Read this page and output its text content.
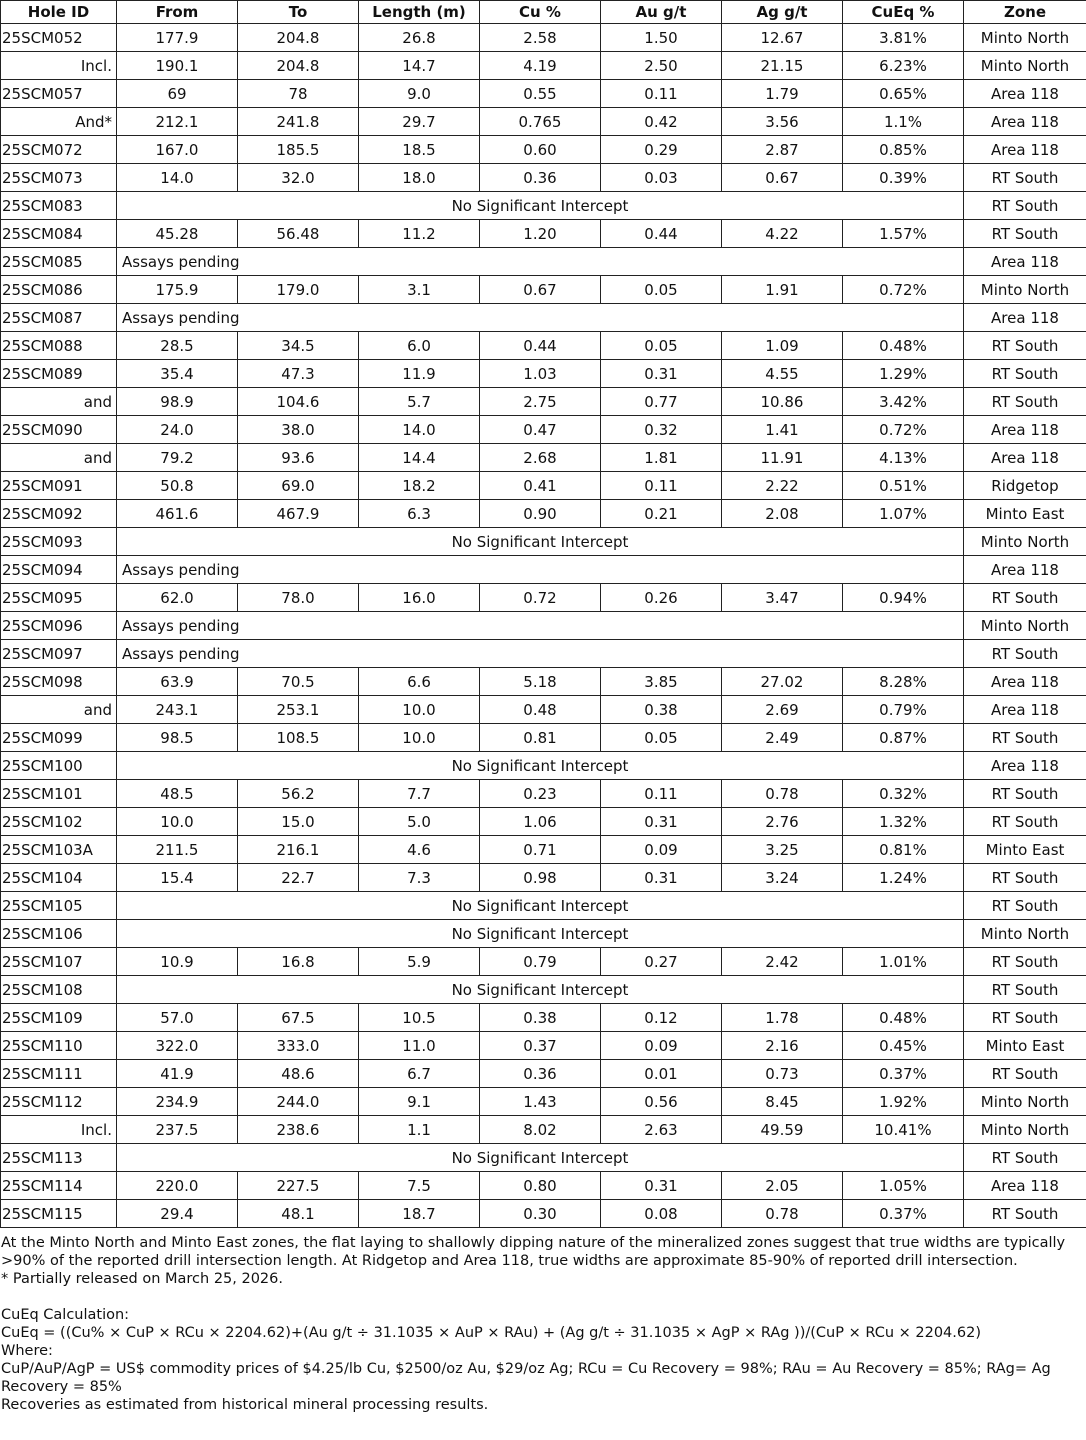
Hole ID	From	To	Length (m)	Cu %	Au g/t	Ag g/t	CuEq %	Zone
25SCM052	177.9	204.8	26.8	2.58	1.50	12.67	3.81%	Minto North
Incl.	190.1	204.8	14.7	4.19	2.50	21.15	6.23%	Minto North
25SCM057	69	78	9.0	0.55	0.11	1.79	0.65%	Area 118
And*	212.1	241.8	29.7	0.765	0.42	3.56	1.1%	Area 118
25SCM072	167.0	185.5	18.5	0.60	0.29	2.87	0.85%	Area 118
25SCM073	14.0	32.0	18.0	0.36	0.03	0.67	0.39%	RT South
25SCM083	No Significant Intercept							RT South
25SCM084	45.28	56.48	11.2	1.20	0.44	4.22	1.57%	RT South
25SCM085	Assays pending							Area 118
25SCM086	175.9	179.0	3.1	0.67	0.05	1.91	0.72%	Minto North
25SCM087	Assays pending							Area 118
25SCM088	28.5	34.5	6.0	0.44	0.05	1.09	0.48%	RT South
25SCM089	35.4	47.3	11.9	1.03	0.31	4.55	1.29%	RT South
and	98.9	104.6	5.7	2.75	0.77	10.86	3.42%	RT South
25SCM090	24.0	38.0	14.0	0.47	0.32	1.41	0.72%	Area 118
and	79.2	93.6	14.4	2.68	1.81	11.91	4.13%	Area 118
25SCM091	50.8	69.0	18.2	0.41	0.11	2.22	0.51%	Ridgetop
25SCM092	461.6	467.9	6.3	0.90	0.21	2.08	1.07%	Minto East
25SCM093	No Significant Intercept							Minto North
25SCM094	Assays pending							Area 118
25SCM095	62.0	78.0	16.0	0.72	0.26	3.47	0.94%	RT South
25SCM096	Assays pending							Minto North
25SCM097	Assays pending							RT South
25SCM098	63.9	70.5	6.6	5.18	3.85	27.02	8.28%	Area 118
and	243.1	253.1	10.0	0.48	0.38	2.69	0.79%	Area 118
25SCM099	98.5	108.5	10.0	0.81	0.05	2.49	0.87%	RT South
25SCM100	No Significant Intercept							Area 118
25SCM101	48.5	56.2	7.7	0.23	0.11	0.78	0.32%	RT South
25SCM102	10.0	15.0	5.0	1.06	0.31	2.76	1.32%	RT South
25SCM103A	211.5	216.1	4.6	0.71	0.09	3.25	0.81%	Minto East
25SCM104	15.4	22.7	7.3	0.98	0.31	3.24	1.24%	RT South
25SCM105	No Significant Intercept							RT South
25SCM106	No Significant Intercept							Minto North
25SCM107	10.9	16.8	5.9	0.79	0.27	2.42	1.01%	RT South
25SCM108	No Significant Intercept							RT South
25SCM109	57.0	67.5	10.5	0.38	0.12	1.78	0.48%	RT South
25SCM110	322.0	333.0	11.0	0.37	0.09	2.16	0.45%	Minto East
25SCM111	41.9	48.6	6.7	0.36	0.01	0.73	0.37%	RT South
25SCM112	234.9	244.0	9.1	1.43	0.56	8.45	1.92%	Minto North
Incl.	237.5	238.6	1.1	8.02	2.63	49.59	10.41%	Minto North
25SCM113	No Significant Intercept							RT South
25SCM114	220.0	227.5	7.5	0.80	0.31	2.05	1.05%	Area 118
25SCM115	29.4	48.1	18.7	0.30	0.08	0.78	0.37%	RT South

At the Minto North and Minto East zones, the flat laying to shallowly dipping nature of the mineralized zones suggest that true widths are typically >90% of the reported drill intersection length. At Ridgetop and Area 118, true widths are approximate 85-90% of reported drill intersection.

* Partially released on March 25, 2026.

CuEq Calculation:

CuEq = ((Cu% × CuP × RCu × 2204.62)+(Au g/t ÷ 31.1035 × AuP × RAu) + (Ag g/t ÷ 31.1035 × AgP × RAg ))/(CuP × RCu × 2204.62)

Where:

CuP/AuP/AgP = US$ commodity prices of $4.25/lb Cu, $2500/oz Au, $29/oz Ag; RCu = Cu Recovery = 98%; RAu = Au Recovery = 85%; RAg= Ag Recovery = 85%

Recoveries as estimated from historical mineral processing results.
